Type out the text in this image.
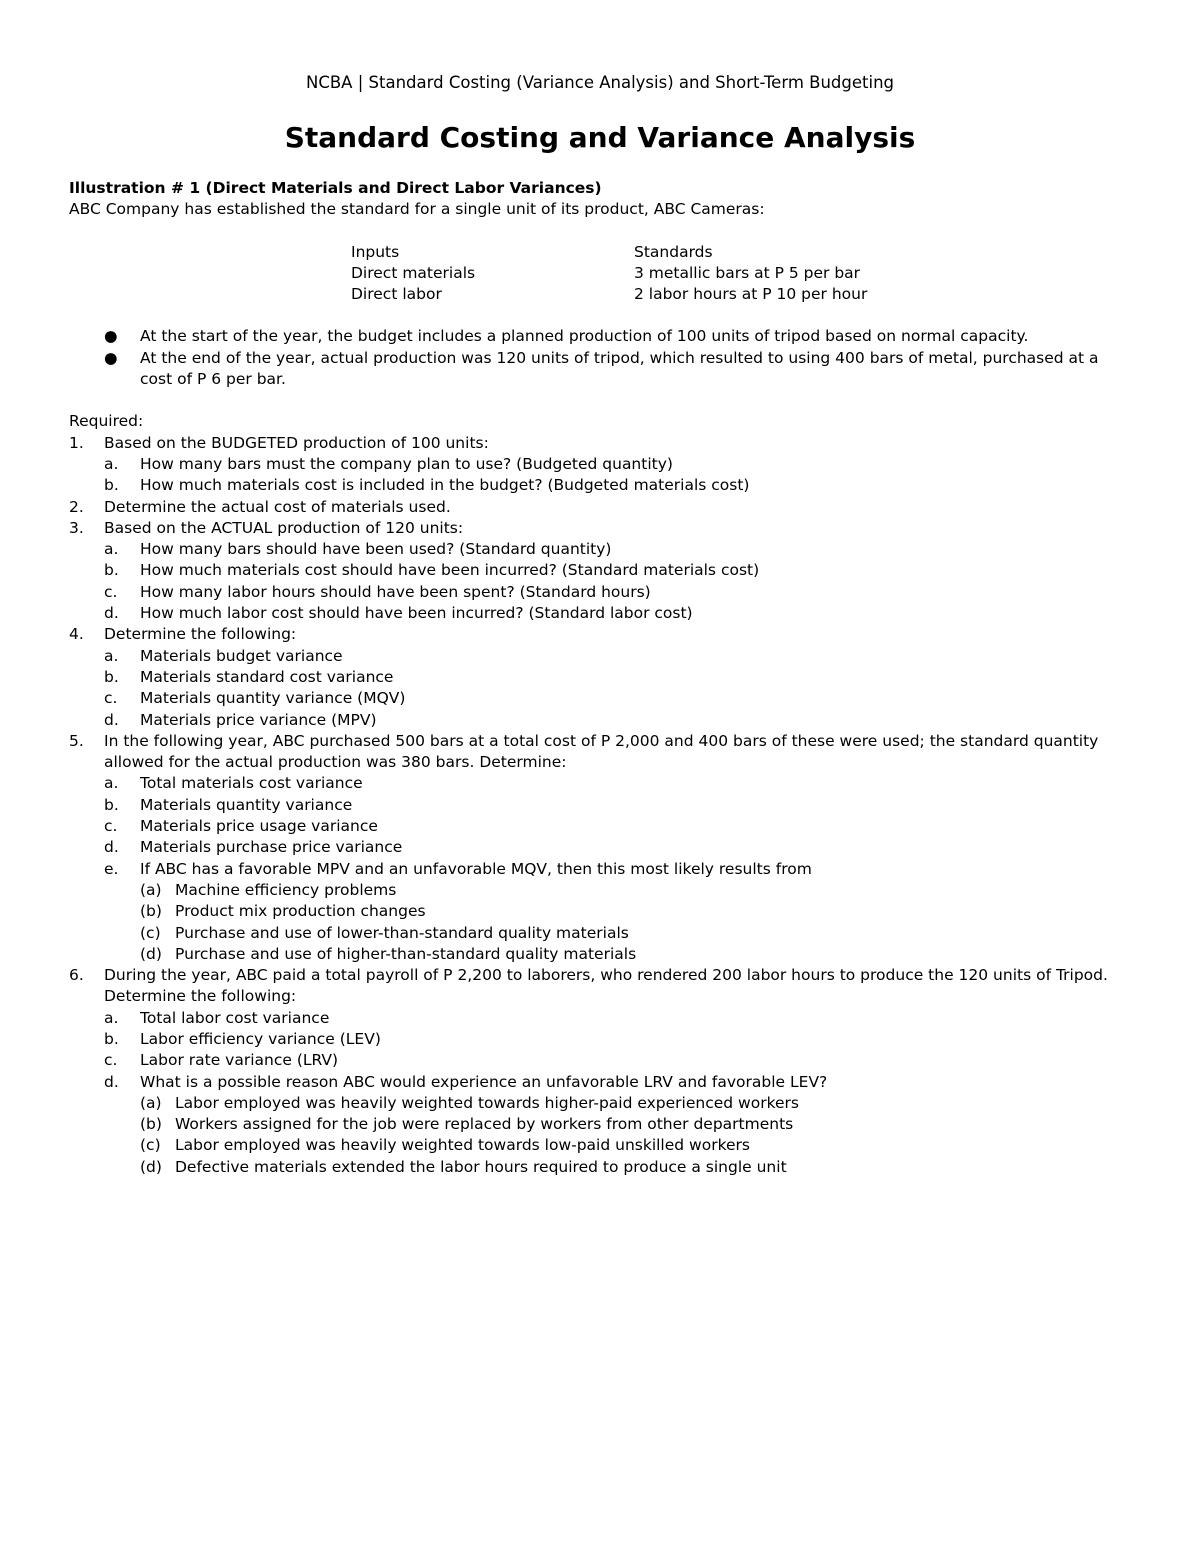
NCBA | Standard Costing (Variance Analysis) and Short-Term Budgeting
Standard Costing and Variance Analysis
Illustration # 1 (Direct Materials and Direct Labor Variances)
ABC Company has established the standard for a single unit of its product, ABC Cameras:
Inputs	Standards
Direct materials	3 metallic bars at P 5 per bar
Direct labor	2 labor hours at P 10 per hour
●	At the start of the year, the budget includes a planned production of 100 units of tripod based on normal capacity.
●	At the end of the year, actual production was 120 units of tripod, which resulted to using 400 bars of metal, purchased at a cost of P 6 per bar.
Required:
1.	Based on the BUDGETED production of 100 units:
a.	How many bars must the company plan to use? (Budgeted quantity)
b.	How much materials cost is included in the budget? (Budgeted materials cost)
2.	Determine the actual cost of materials used.
3.	Based on the ACTUAL production of 120 units:
a.	How many bars should have been used? (Standard quantity)
b.	How much materials cost should have been incurred? (Standard materials cost)
c.	How many labor hours should have been spent? (Standard hours)
d.	How much labor cost should have been incurred? (Standard labor cost)
4.	Determine the following:
a.	Materials budget variance
b.	Materials standard cost variance
c.	Materials quantity variance (MQV)
d.	Materials price variance (MPV)
5.	In the following year, ABC purchased 500 bars at a total cost of P 2,000 and 400 bars of these were used; the standard quantity allowed for the actual production was 380 bars. Determine:
a.	Total materials cost variance
b.	Materials quantity variance
c.	Materials price usage variance
d.	Materials purchase price variance
e.	If ABC has a favorable MPV and an unfavorable MQV, then this most likely results from
(a) Machine efficiency problems
(b) Product mix production changes
(c) Purchase and use of lower-than-standard quality materials
(d) Purchase and use of higher-than-standard quality materials
6.	During the year, ABC paid a total payroll of P 2,200 to laborers, who rendered 200 labor hours to produce the 120 units of Tripod. Determine the following:
a.	Total labor cost variance
b.	Labor efficiency variance (LEV)
c.	Labor rate variance (LRV)
d.	What is a possible reason ABC would experience an unfavorable LRV and favorable LEV?
(a) Labor employed was heavily weighted towards higher-paid experienced workers
(b) Workers assigned for the job were replaced by workers from other departments
(c) Labor employed was heavily weighted towards low-paid unskilled workers
(d) Defective materials extended the labor hours required to produce a single unit
